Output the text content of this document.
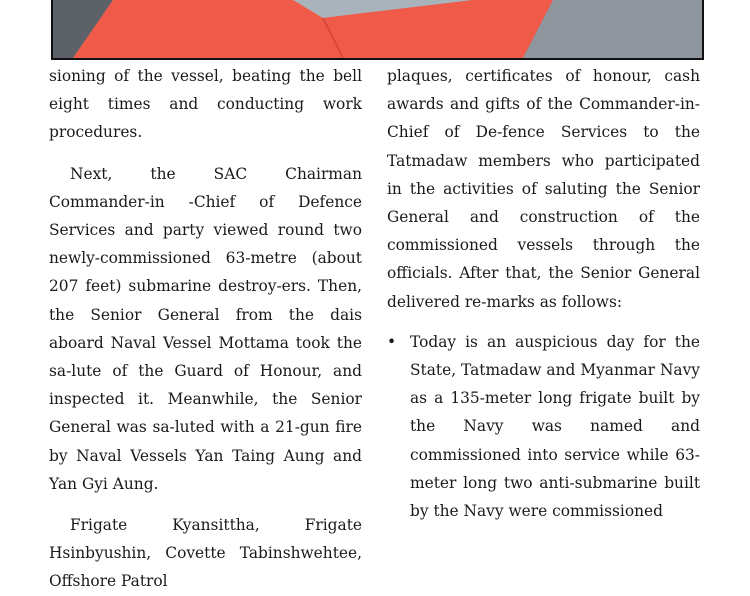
sioning of the vessel, beating the bell eight times and conducting work procedures.

Next, the SAC Chairman Commander-in -Chief of Defence Services and party viewed round two newly-commissioned 63-metre (about 207 feet) submarine destroy-ers. Then, the Senior General from the dais aboard Naval Vessel Mottama took the sa-lute of the Guard of Honour, and inspected it. Meanwhile, the Senior General was sa-luted with a 21-gun fire by Naval Vessels Yan Taing Aung and Yan Gyi Aung.

Frigate Kyansittha, Frigate Hsinbyushin, Covette Tabinshwehtee, Offshore Patrol

plaques, certificates of honour, cash awards and gifts of the Commander-in-Chief of De-fence Services to the Tatmadaw members who participated in the activities of saluting the Senior General and construction of the commissioned vessels through the officials. After that, the Senior General delivered re-marks as follows:

• Today is an auspicious day for the State, Tatmadaw and Myanmar Navy as a 135-meter long frigate built by the Navy was named and commissioned into service while 63-meter long two anti-submarine built by the Navy were commissioned
